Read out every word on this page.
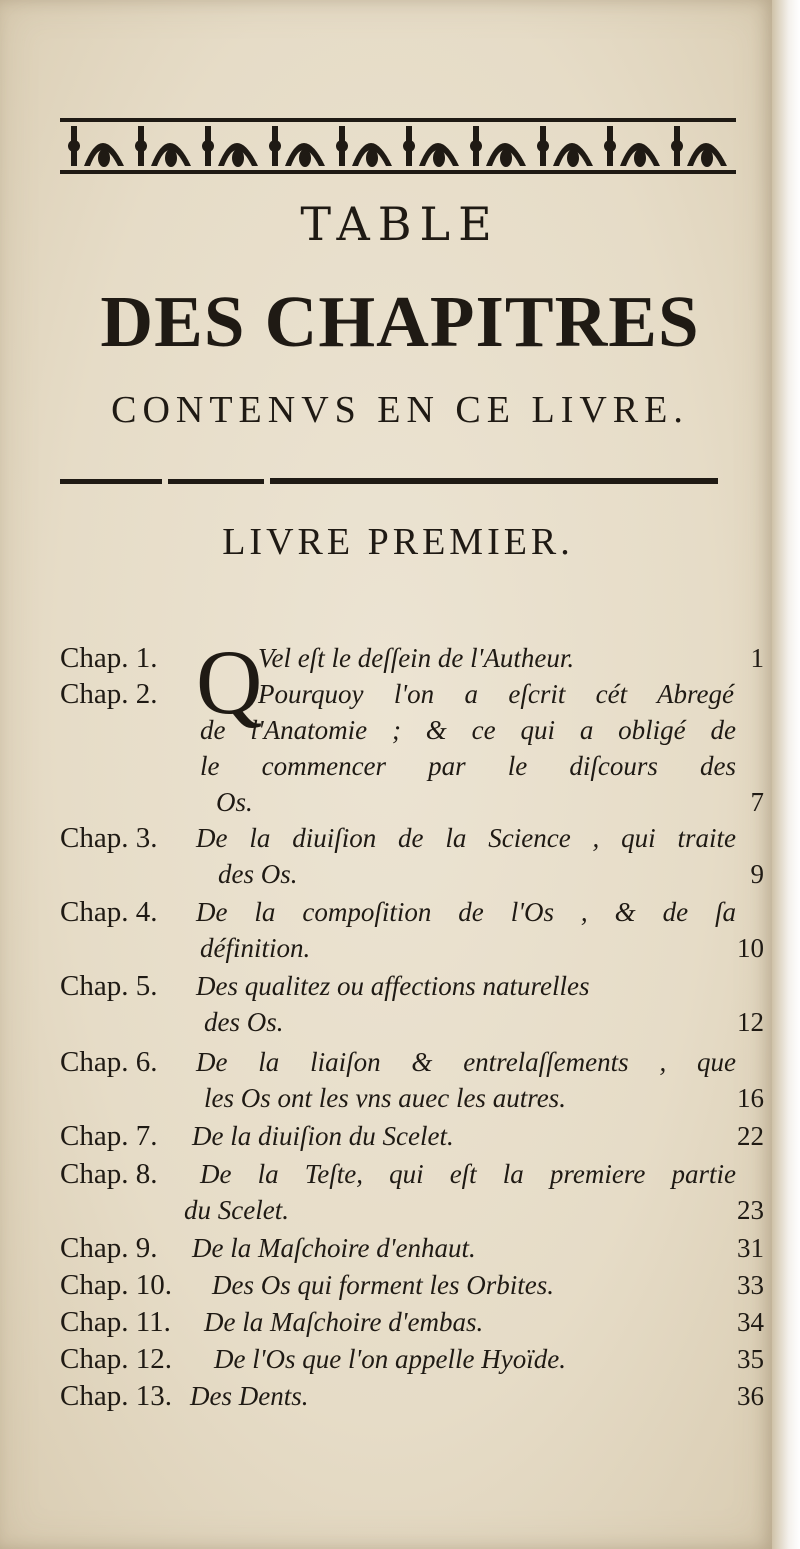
TABLE
DES CHAPITRES
CONTENVS EN CE LIVRE.
LIVRE PREMIER.
Q
Chap. 1.	Vel eſt le deſſein de l'Autheur.	1
Chap. 2.	Pourquoy l'on a eſcrit cét Abregé
de l'Anatomie ; & ce qui a obligé de
le commencer par le diſcours des
Os.	7
Chap. 3. De la diuiſion de la Science , qui traite
des Os.	9
Chap. 4. De la compoſition de l'Os , & de ſa
définition.	10
Chap. 5. Des qualitez ou affections naturelles
des Os.	12
Chap. 6. De la liaiſon & entrelaſſements , que
les Os ont les vns auec les autres.	16
Chap. 7. De la diuiſion du Scelet.	22
Chap. 8. De la Teſte, qui eſt la premiere partie
du Scelet.	23
Chap. 9. De la Maſchoire d'enhaut.	31
Chap. 10. Des Os qui forment les Orbites.	33
Chap. 11. De la Maſchoire d'embas.	34
Chap. 12. De l'Os que l'on appelle Hyoïde.	35
Chap. 13. Des Dents.	36
